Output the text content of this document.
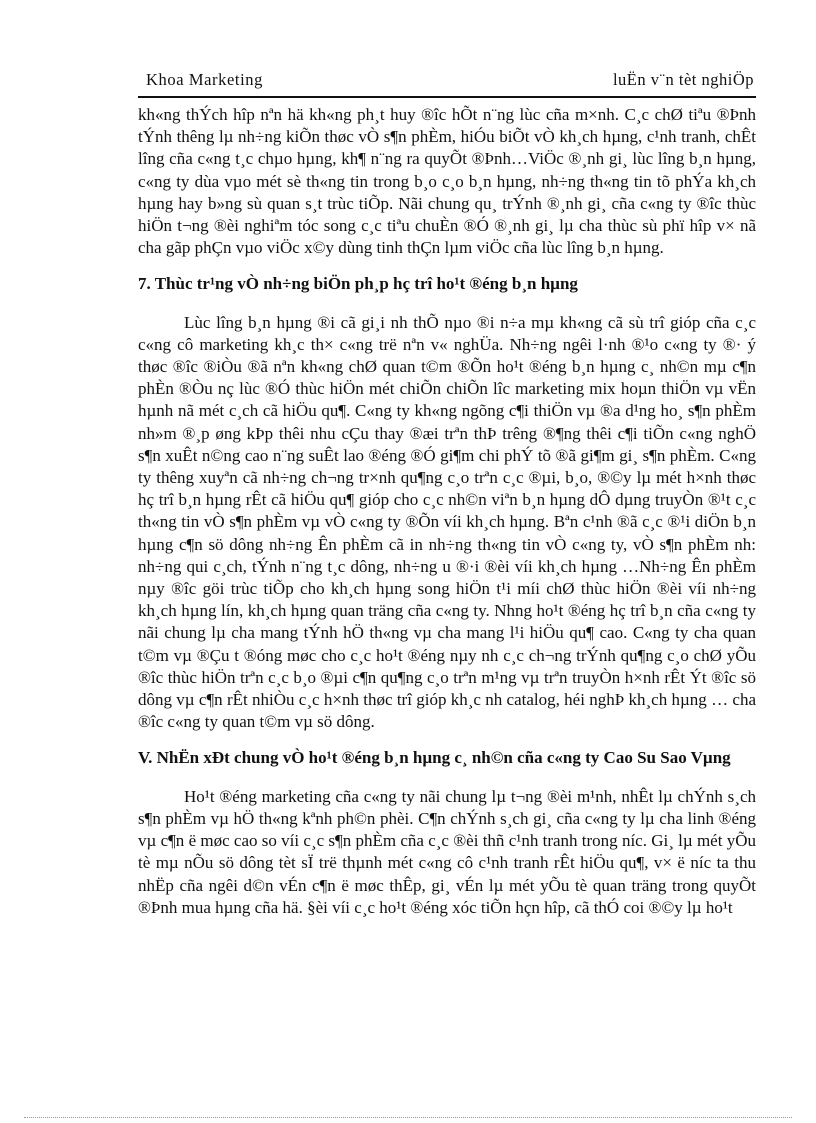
Khoa Marketing	luËn v¨n tèt nghiÖp

kh«ng thÝch hîp nªn hä kh«ng ph¸t huy ®îc hÕt n¨ng lùc cña m×nh. C¸c chØ tiªu ®Þnh tÝnh thêng lµ nh÷ng kiÕn thøc vÒ s¶n phÈm, hiÓu biÕt vÒ kh¸ch hµng, c¹nh tranh, chÊt lîng cña c«ng t¸c chµo hµng, kh¶ n¨ng ra quyÕt ®Þnh…ViÖc ®¸nh gi¸ lùc lîng b¸n hµng, c«ng ty dùa vµo mét sè th«ng tin trong b¸o c¸o b¸n hµng, nh÷ng th«ng tin tõ phÝa kh¸ch hµng hay b»ng sù quan s¸t trùc tiÕp. Nãi chung qu¸ trÝnh ®¸nh gi¸ cña c«ng ty ®îc thùc hiÖn t¬ng ®èi nghiªm tóc song c¸c tiªu chuÈn ®Ó ®¸nh gi¸ lµ cha thùc sù phï hîp v× nã cha gãp phÇn vµo viÖc x©y dùng tinh thÇn lµm viÖc cña lùc lîng b¸n hµng.

7. Thùc tr¹ng vÒ nh÷ng biÖn ph¸p hç trî ho¹t ®éng b¸n hµng

Lùc lîng b¸n hµng ®i cã gi¸i nh thÕ nµo ®i n÷a mµ kh«ng cã sù trî gióp cña c¸c c«ng cô marketing kh¸c th× c«ng trë nªn v« nghÜa. Nh÷ng ngêi l·nh ®¹o c«ng ty ®· ý thøc ®îc ®iÒu ®ã nªn kh«ng chØ quan t©m ®Õn ho¹t ®éng b¸n hµng c¸ nh©n mµ c¶n phÈn ®Òu nç lùc ®Ó thùc hiÖn mét chiÕn chiÕn lîc marketing mix hoµn thiÖn vµ vËn hµnh nã mét c¸ch cã hiÖu qu¶. C«ng ty kh«ng ngõng c¶i thiÖn vµ ®a d¹ng ho¸ s¶n phÈm nh»m ®¸p øng kÞp thêi nhu cÇu thay ®æi trªn thÞ trêng ®¶ng thêi c¶i tiÕn c«ng nghÖ s¶n xuÊt n©ng cao n¨ng suÊt lao ®éng ®Ó gi¶m chi phÝ tõ ®ã gi¶m gi¸ s¶n phÈm. C«ng ty thêng xuyªn cã nh÷ng ch¬ng tr×nh qu¶ng c¸o trªn c¸c ®µi, b¸o, ®©y lµ mét h×nh thøc hç trî b¸n hµng rÊt cã hiÖu qu¶ gióp cho c¸c nh©n viªn b¸n hµng dÔ dµng truyÒn ®¹t c¸c th«ng tin vÒ s¶n phÈm vµ vÒ c«ng ty ®Õn víi kh¸ch hµng. Bªn c¹nh ®ã c¸c ®¹i diÖn b¸n hµng c¶n sö dông nh÷ng Ên phÈm cã in nh÷ng th«ng tin vÒ c«ng ty, vÒ s¶n phÈm nh: nh÷ng qui c¸ch, tÝnh n¨ng t¸c dông, nh÷ng u ®·i ®èi víi kh¸ch hµng …Nh÷ng Ên phÈm nµy ®îc göi trùc tiÕp cho kh¸ch hµng song hiÖn t¹i míi chØ thùc hiÖn ®èi víi nh÷ng kh¸ch hµng lín, kh¸ch hµng quan träng cña c«ng ty. Nhng ho¹t ®éng hç trî b¸n cña c«ng ty nãi chung lµ cha mang tÝnh hÖ th«ng vµ cha mang l¹i hiÖu qu¶ cao. C«ng ty cha quan t©m vµ ®Çu t ®óng møc cho c¸c ho¹t ®éng nµy nh c¸c ch¬ng trÝnh qu¶ng c¸o chØ yÕu ®îc thùc hiÖn trªn c¸c b¸o ®µi c¶n qu¶ng c¸o trªn m¹ng vµ trªn truyÒn h×nh rÊt Ýt ®îc sö dông vµ c¶n rÊt nhiÒu c¸c h×nh thøc trî gióp kh¸c nh catalog, héi nghÞ kh¸ch hµng … cha ®îc c«ng ty quan t©m vµ sö dông.

V. NhËn xÐt chung vÒ ho¹t ®éng b¸n hµng c¸ nh©n cña c«ng ty Cao Su Sao Vµng

Ho¹t ®éng marketing cña c«ng ty nãi chung lµ t¬ng ®èi m¹nh, nhÊt lµ chÝnh s¸ch s¶n phÈm vµ hÖ th«ng kªnh ph©n phèi. C¶n chÝnh s¸ch gi¸ cña c«ng ty lµ cha linh ®éng vµ c¶n ë møc cao so víi c¸c s¶n phÈm cña c¸c ®èi thñ c¹nh tranh trong níc. Gi¸ lµ mét yÕu tè mµ nÕu sö dông tèt sÏ trë thµnh mét c«ng cô c¹nh tranh rÊt hiÖu qu¶, v× ë níc ta thu nhËp cña ngêi d©n vÉn c¶n ë møc thÊp, gi¸ vÉn lµ mét yÕu tè quan träng trong quyÕt ®Þnh mua hµng cña hä. §èi víi c¸c ho¹t ®éng xóc tiÕn hçn hîp, cã thÓ coi ®©y lµ ho¹t
